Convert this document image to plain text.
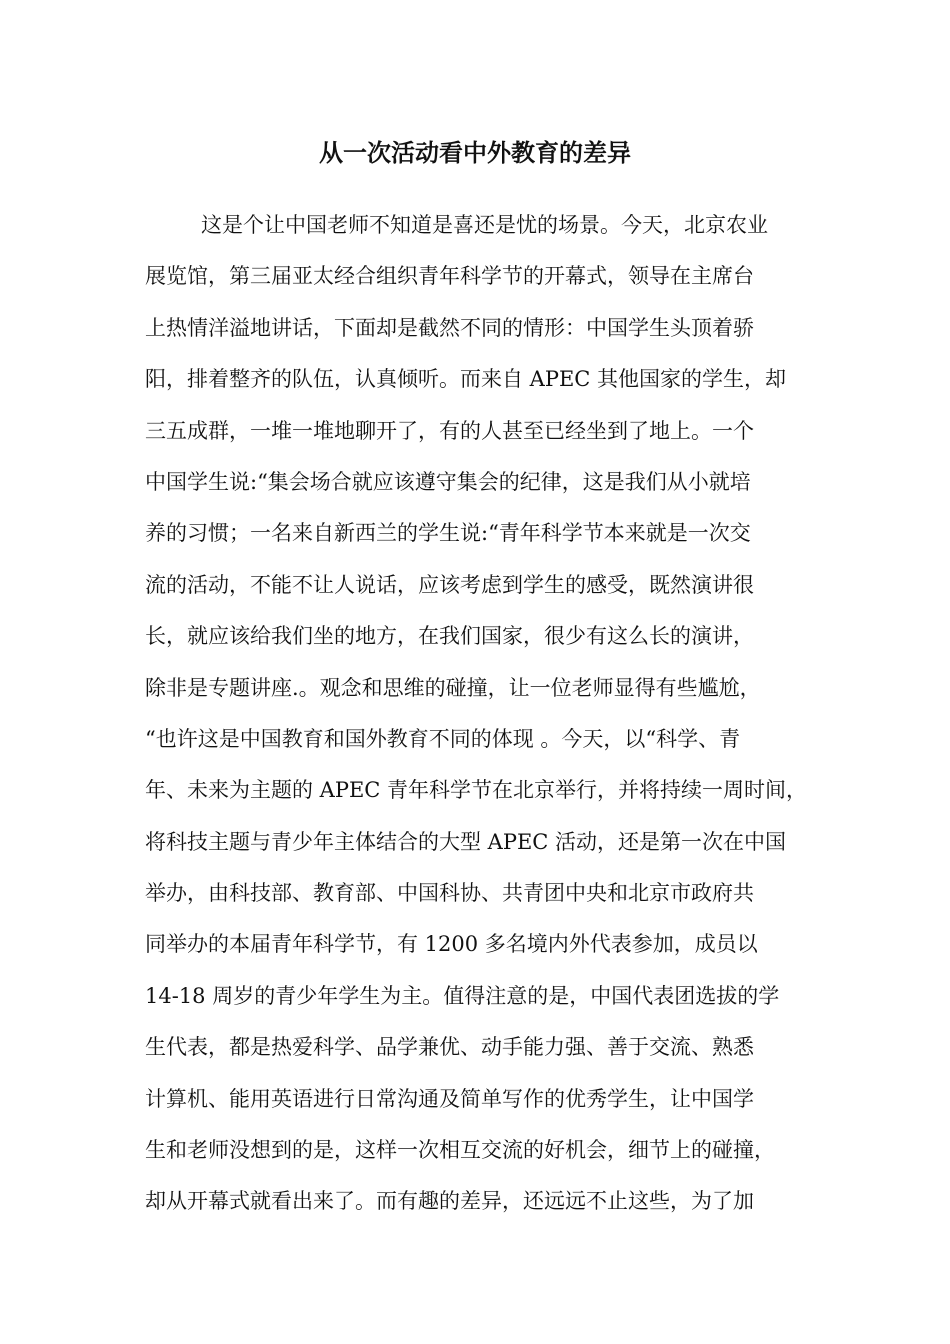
从一次活动看中外教育的差异
这是个让中国老师不知道是喜还是忧的场景。今天，北京农业
展览馆，第三届亚太经合组织青年科学节的开幕式，领导在主席台
上热情洋溢地讲话，下面却是截然不同的情形：中国学生头顶着骄
阳，排着整齐的队伍，认真倾听。而来自 APEC 其他国家的学生，却
三五成群，一堆一堆地聊开了，有的人甚至已经坐到了地上。一个
中国学生说:“集会场合就应该遵守集会的纪律，这是我们从小就培
养的习惯；一名来自新西兰的学生说:“青年科学节本来就是一次交
流的活动，不能不让人说话，应该考虑到学生的感受，既然演讲很
长，就应该给我们坐的地方，在我们国家，很少有这么长的演讲，
除非是专题讲座.。观念和思维的碰撞，让一位老师显得有些尴尬，
“也许这是中国教育和国外教育不同的体现 。今天，以“科学、青
年、未来为主题的 APEC 青年科学节在北京举行，并将持续一周时间，
将科技主题与青少年主体结合的大型 APEC 活动，还是第一次在中国
举办，由科技部、教育部、中国科协、共青团中央和北京市政府共
同举办的本届青年科学节，有 1200 多名境内外代表参加，成员以
14-18 周岁的青少年学生为主。值得注意的是，中国代表团选拔的学
生代表，都是热爱科学、品学兼优、动手能力强、善于交流、熟悉
计算机、能用英语进行日常沟通及简单写作的优秀学生，让中国学
生和老师没想到的是，这样一次相互交流的好机会，细节上的碰撞，
却从开幕式就看出来了。而有趣的差异，还远远不止这些，为了加
